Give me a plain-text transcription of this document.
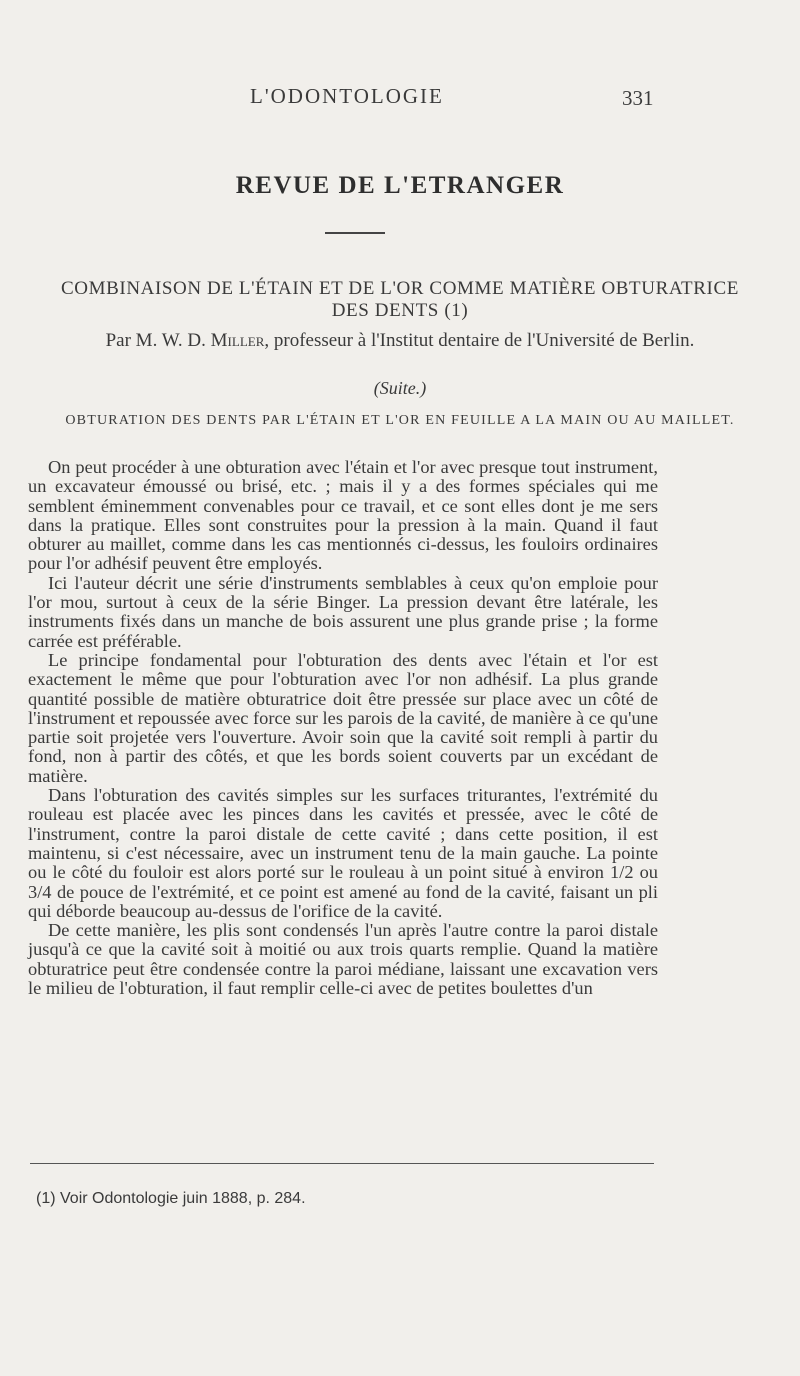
L'ODONTOLOGIE	331
REVUE DE L'ETRANGER
COMBINAISON DE L'ÉTAIN ET DE L'OR COMME MATIÈRE OBTURATRICE DES DENTS (1)
Par M. W. D. Miller, professeur à l'Institut dentaire de l'Université de Berlin.
(Suite.)
OBTURATION DES DENTS PAR L'ÉTAIN ET L'OR EN FEUILLE A LA MAIN OU AU MAILLET.

On peut procéder à une obturation avec l'étain et l'or avec presque tout instrument, un excavateur émoussé ou brisé, etc. ; mais il y a des formes spéciales qui me semblent éminemment convenables pour ce travail, et ce sont elles dont je me sers dans la pratique. Elles sont construites pour la pression à la main. Quand il faut obturer au maillet, comme dans les cas mentionnés ci-dessus, les fouloirs ordinaires pour l'or adhésif peuvent être employés.

Ici l'auteur décrit une série d'instruments semblables à ceux qu'on emploie pour l'or mou, surtout à ceux de la série Binger. La pression devant être latérale, les instruments fixés dans un manche de bois assurent une plus grande prise ; la forme carrée est préférable.

Le principe fondamental pour l'obturation des dents avec l'étain et l'or est exactement le même que pour l'obturation avec l'or non adhésif. La plus grande quantité possible de matière obturatrice doit être pressée sur place avec un côté de l'instrument et repoussée avec force sur les parois de la cavité, de manière à ce qu'une partie soit projetée vers l'ouverture. Avoir soin que la cavité soit rempli à partir du fond, non à partir des côtés, et que les bords soient couverts par un excédant de matière.

Dans l'obturation des cavités simples sur les surfaces triturantes, l'extrémité du rouleau est placée avec les pinces dans les cavités et pressée, avec le côté de l'instrument, contre la paroi distale de cette cavité ; dans cette position, il est maintenu, si c'est nécessaire, avec un instrument tenu de la main gauche. La pointe ou le côté du fouloir est alors porté sur le rouleau à un point situé à environ 1/2 ou 3/4 de pouce de l'extrémité, et ce point est amené au fond de la cavité, faisant un pli qui déborde beaucoup au-dessus de l'orifice de la cavité.

De cette manière, les plis sont condensés l'un après l'autre contre la paroi distale jusqu'à ce que la cavité soit à moitié ou aux trois quarts remplie. Quand la matière obturatrice peut être condensée contre la paroi médiane, laissant une excavation vers le milieu de l'obturation, il faut remplir celle-ci avec de petites boulettes d'un

(1) Voir Odontologie juin 1888, p. 284.
